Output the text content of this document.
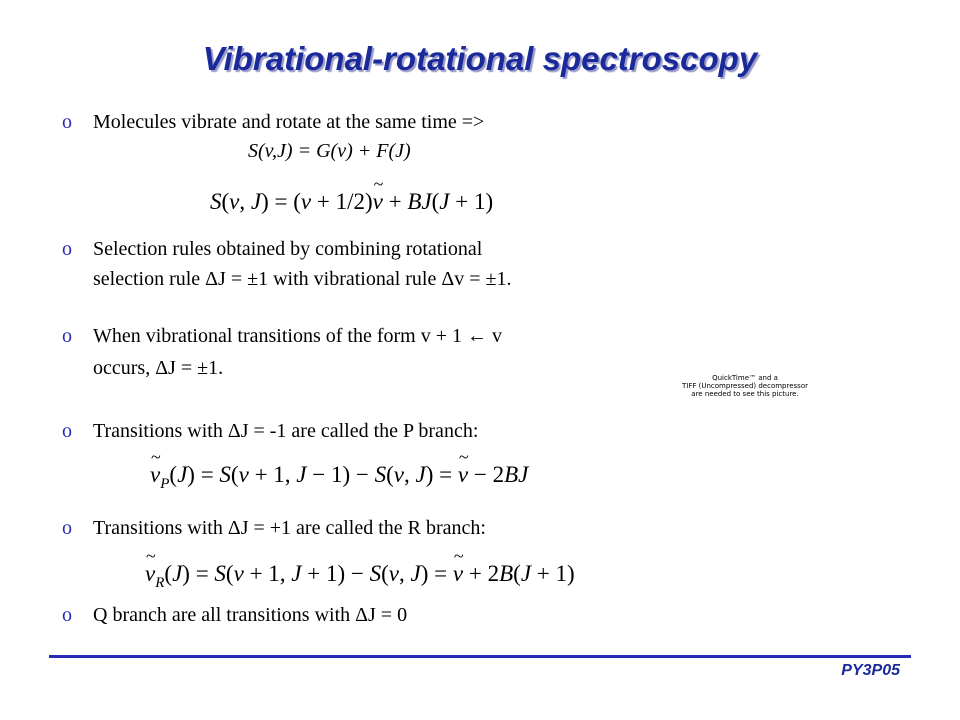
Vibrational-rotational spectroscopy
o Molecules vibrate and rotate at the same time =>
S(v,J) = G(v) + F(J)
S(v, J) = (v + 1/2)~ v + BJ(J + 1)
o Selection rules obtained by combining rotational
selection rule ΔJ = ±1 with vibrational rule Δv = ±1.
o When vibrational transitions of the form v + 1 ← v
occurs, ΔJ = ±1.	QuickTime™ and a
TIFF (Uncompressed) decompressor
are needed to see this picture.
o Transitions with ΔJ = -1 are called the P branch:
~ $v_P(J) = S(v + 1$, J − 1) − S(v, J) = ~ v − 2BJ
o Transitions with ΔJ = +1 are called the R branch:
~ $v_R(J) = S(v + 1$, J + 1) − S(v, J) = ~ v + 2B(J + 1)
o Q branch are all transitions with ΔJ = 0
PY3P05
